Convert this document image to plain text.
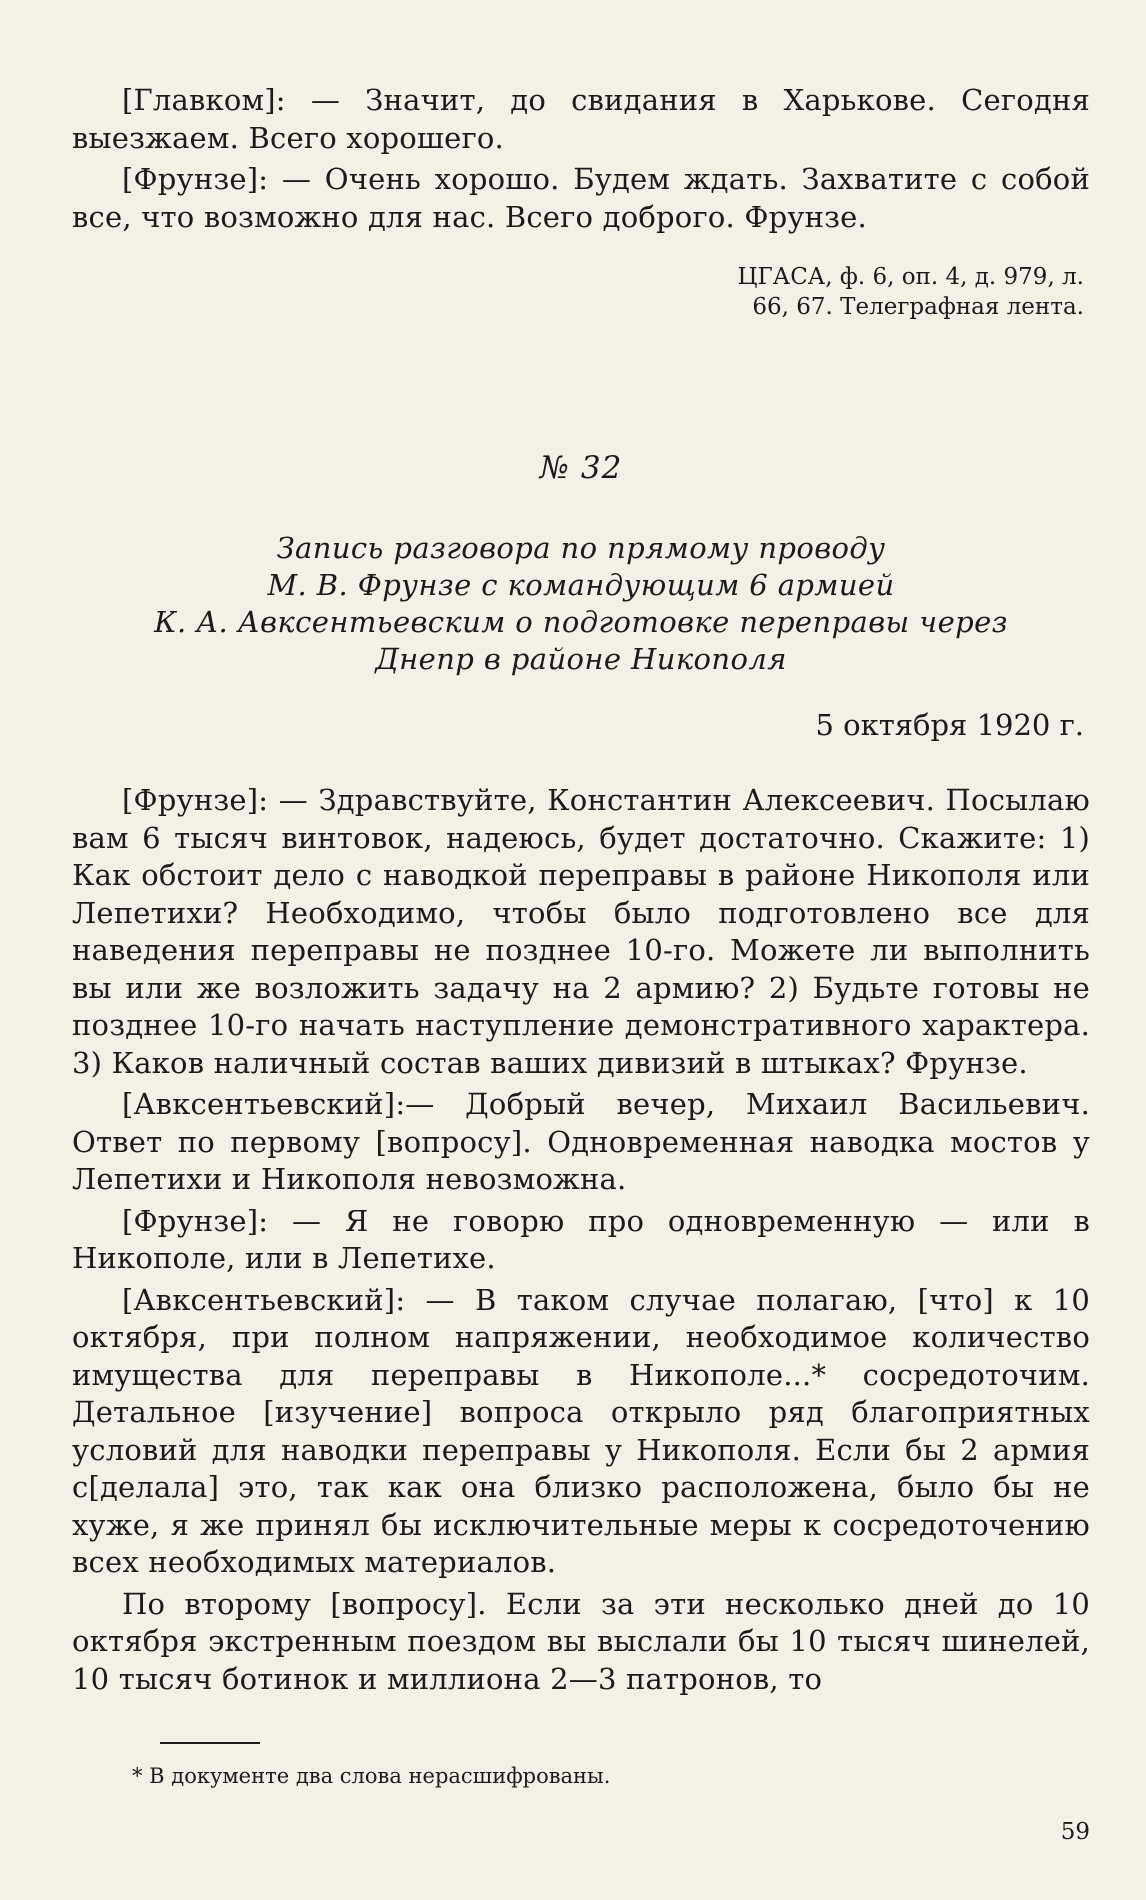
[Главком]: — Значит, до свидания в Харькове. Сегодня выезжаем. Всего хорошего.

[Фрунзе]: — Очень хорошо. Будем ждать. Захватите с собой все, что возможно для нас. Всего доброго. Фрунзе.

ЦГАСА, ф. 6, оп. 4, д. 979, л.
66, 67. Телеграфная лента.
№ 32
Запись разговора по прямому проводу
М. В. Фрунзе с командующим 6 армией
К. А. Авксентьевским о подготовке переправы через
Днепр в районе Никополя
5 октября 1920 г.

[Фрунзе]: — Здравствуйте, Константин Алексеевич. Посылаю вам 6 тысяч винтовок, надеюсь, будет достаточно. Скажите: 1) Как обстоит дело с наводкой переправы в районе Никополя или Лепетихи? Необходимо, чтобы было подготовлено все для наведения переправы не позднее 10-го. Можете ли выполнить вы или же возложить задачу на 2 армию? 2) Будьте готовы не позднее 10-го начать наступление демонстративного характера. 3) Каков наличный состав ваших дивизий в штыках? Фрунзе.

[Авксентьевский]:— Добрый вечер, Михаил Васильевич. Ответ по первому [вопросу]. Одновременная наводка мостов у Лепетихи и Никополя невозможна.

[Фрунзе]: — Я не говорю про одновременную — или в Никополе, или в Лепетихе.

[Авксентьевский]: — В таком случае полагаю, [что] к 10 октября, при полном напряжении, необходимое количество имущества для переправы в Никополе...* сосредоточим. Детальное [изучение] вопроса открыло ряд благоприятных условий для наводки переправы у Никополя. Если бы 2 армия с[делала] это, так как она близко расположена, было бы не хуже, я же принял бы исключительные меры к сосредоточению всех необходимых материалов.

По второму [вопросу]. Если за эти несколько дней до 10 октября экстренным поездом вы выслали бы 10 тысяч шинелей, 10 тысяч ботинок и миллиона 2—3 патронов, то

* В документе два слова нерасшифрованы.
59
